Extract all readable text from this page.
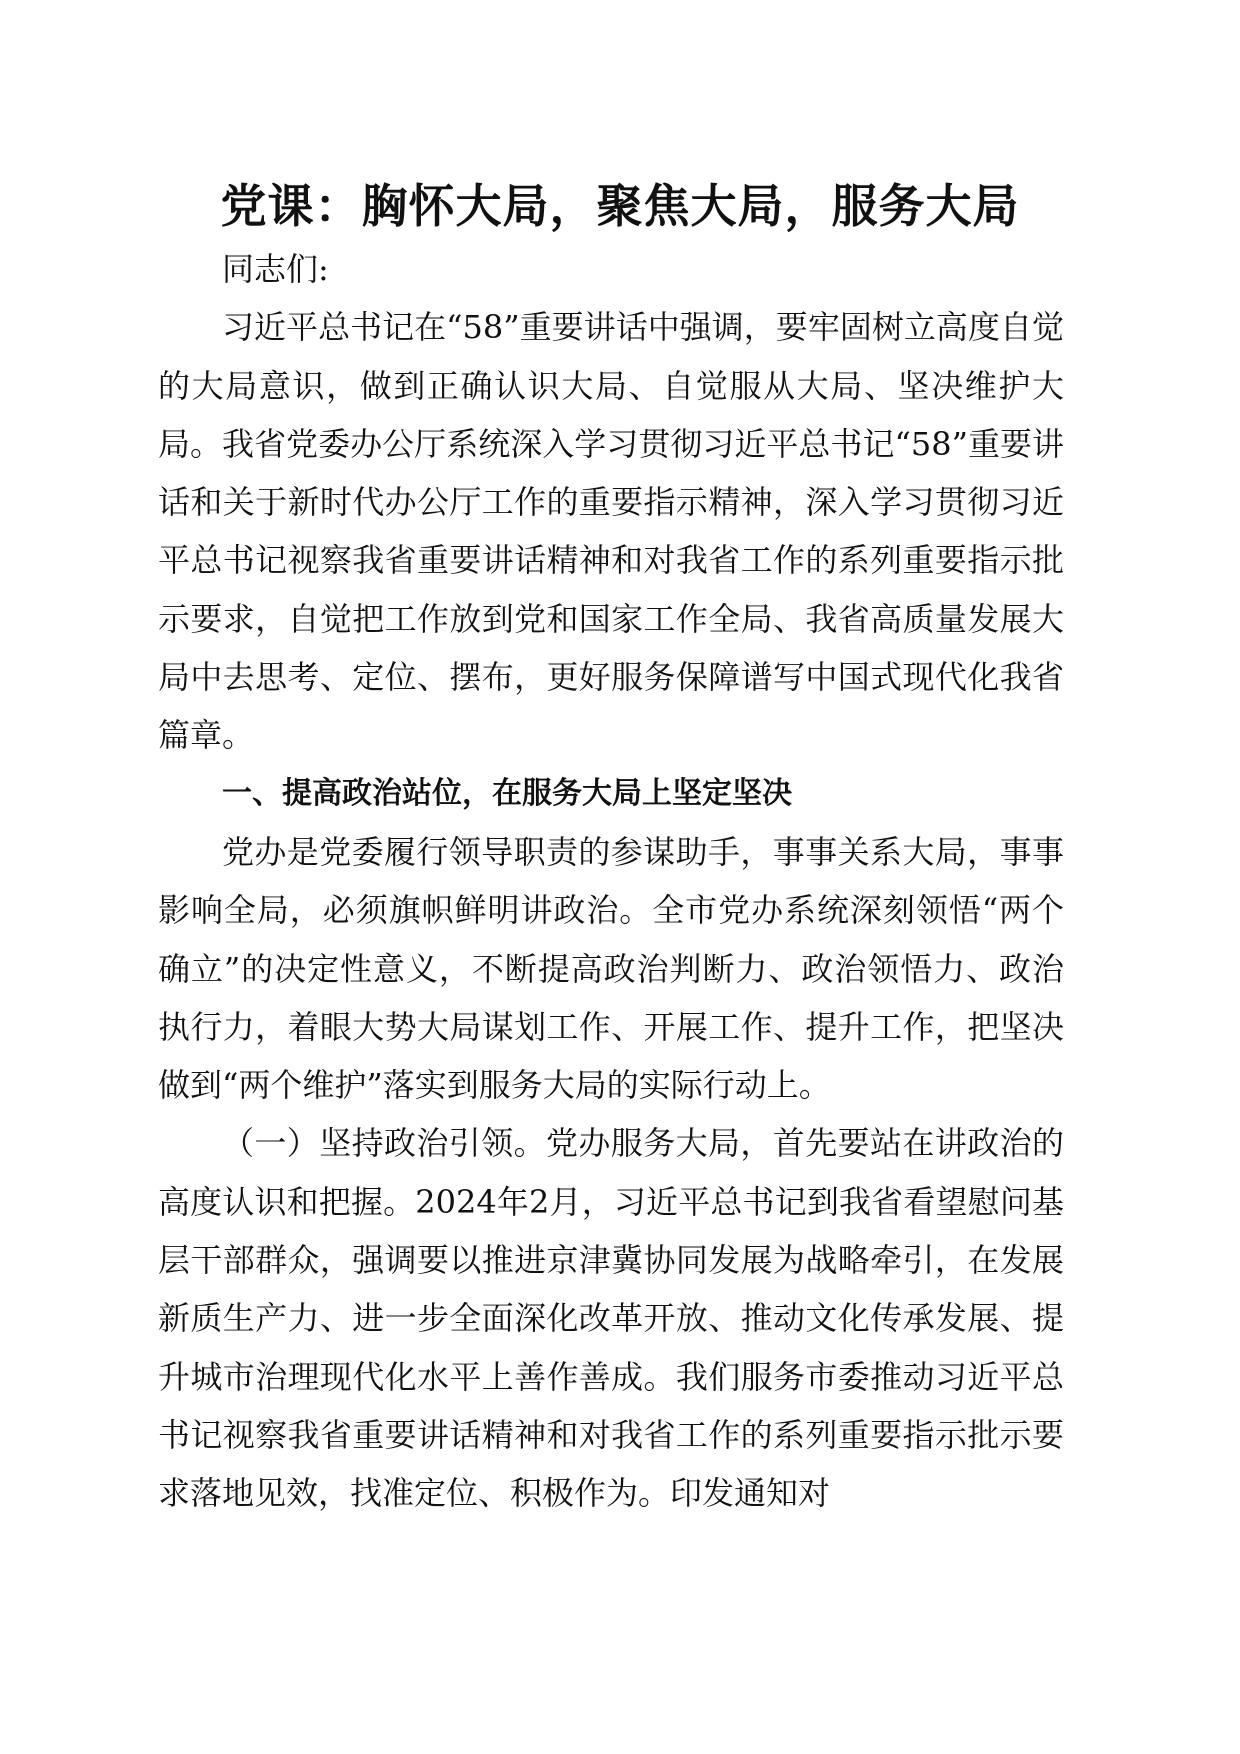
党课：胸怀大局，聚焦大局，服务大局

同志们:

习近平总书记在“58”重要讲话中强调，要牢固树立高度自觉的大局意识，做到正确认识大局、自觉服从大局、坚决维护大局。我省党委办公厅系统深入学习贯彻习近平总书记“58”重要讲话和关于新时代办公厅工作的重要指示精神，深入学习贯彻习近平总书记视察我省重要讲话精神和对我省工作的系列重要指示批示要求，自觉把工作放到党和国家工作全局、我省高质量发展大局中去思考、定位、摆布，更好服务保障谱写中国式现代化我省篇章。

一、提高政治站位，在服务大局上坚定坚决

党办是党委履行领导职责的参谋助手，事事关系大局，事事影响全局，必须旗帜鲜明讲政治。全市党办系统深刻领悟“两个确立”的决定性意义，不断提高政治判断力、政治领悟力、政治执行力，着眼大势大局谋划工作、开展工作、提升工作，把坚决做到“两个维护”落实到服务大局的实际行动上。

（一）坚持政治引领。党办服务大局，首先要站在讲政治的高度认识和把握。2024年2月，习近平总书记到我省看望慰问基层干部群众，强调要以推进京津冀协同发展为战略牵引，在发展新质生产力、进一步全面深化改革开放、推动文化传承发展、提升城市治理现代化水平上善作善成。我们服务市委推动习近平总书记视察我省重要讲话精神和对我省工作的系列重要指示批示要求落地见效，找准定位、积极作为。印发通知对
